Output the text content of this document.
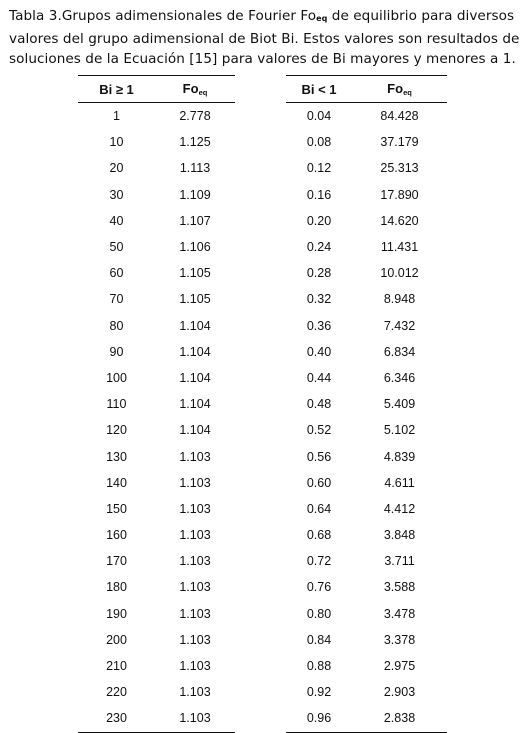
Tabla 3.Grupos adimensionales de Fourier $Fo_{eq}$ de equilibrio para diversos
valores del grupo adimensional de Biot Bi. Estos valores son resultados de
soluciones de la Ecuación [15] para valores de Bi mayores y menores a 1.
Bi ≥ 1	$Fo_{eq}$
1	2.778
10	1.125
20	1.113
30	1.109
40	1.107
50	1.106
60	1.105
70	1.105
80	1.104
90	1.104
100	1.104
110	1.104
120	1.104
130	1.103
140	1.103
150	1.103
160	1.103
170	1.103
180	1.103
190	1.103
200	1.103
210	1.103
220	1.103
230	1.103
Bi < 1	$Fo_{eq}$
0.04	84.428
0.08	37.179
0.12	25.313
0.16	17.890
0.20	14.620
0.24	11.431
0.28	10.012
0.32	8.948
0.36	7.432
0.40	6.834
0.44	6.346
0.48	5.409
0.52	5.102
0.56	4.839
0.60	4.611
0.64	4.412
0.68	3.848
0.72	3.711
0.76	3.588
0.80	3.478
0.84	3.378
0.88	2.975
0.92	2.903
0.96	2.838
